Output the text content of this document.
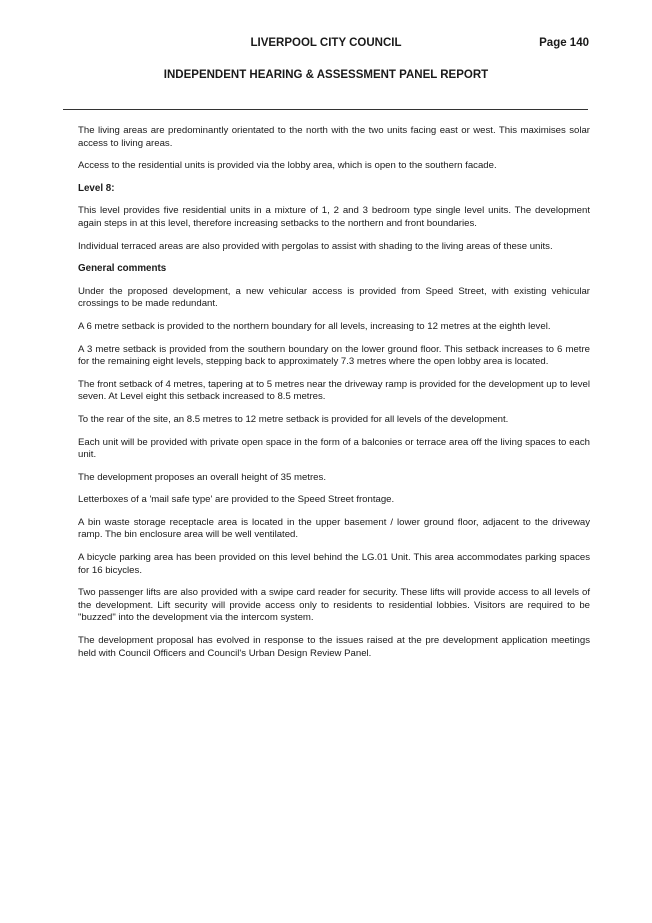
LIVERPOOL CITY COUNCIL	Page 140
INDEPENDENT HEARING & ASSESSMENT PANEL REPORT

The living areas are predominantly orientated to the north with the two units facing east or west. This maximises solar access to living areas.

Access to the residential units is provided via the lobby area, which is open to the southern facade.

Level 8:

This level provides five residential units in a mixture of 1, 2 and 3 bedroom type single level units. The development again steps in at this level, therefore increasing setbacks to the northern and front boundaries.

Individual terraced areas are also provided with pergolas to assist with shading to the living areas of these units.

General comments

Under the proposed development, a new vehicular access is provided from Speed Street, with existing vehicular crossings to be made redundant.

A 6 metre setback is provided to the northern boundary for all levels, increasing to 12 metres at the eighth level.

A 3 metre setback is provided from the southern boundary on the lower ground floor. This setback increases to 6 metre for the remaining eight levels, stepping back to approximately 7.3 metres where the open lobby area is located.

The front setback of 4 metres, tapering at to 5 metres near the driveway ramp is provided for the development up to level seven. At Level eight this setback increased to 8.5 metres.

To the rear of the site, an 8.5 metres to 12 metre setback is provided for all levels of the development.

Each unit will be provided with private open space in the form of a balconies or terrace area off the living spaces to each unit.

The development proposes an overall height of 35 metres.

Letterboxes of a 'mail safe type' are provided to the Speed Street frontage.

A bin waste storage receptacle area is located in the upper basement / lower ground floor, adjacent to the driveway ramp. The bin enclosure area will be well ventilated.

A bicycle parking area has been provided on this level behind the LG.01 Unit. This area accommodates parking spaces for 16 bicycles.

Two passenger lifts are also provided with a swipe card reader for security. These lifts will provide access to all levels of the development. Lift security will provide access only to residents to residential lobbies. Visitors are required to be "buzzed" into the development via the intercom system.

The development proposal has evolved in response to the issues raised at the pre development application meetings held with Council Officers and Council's Urban Design Review Panel.
